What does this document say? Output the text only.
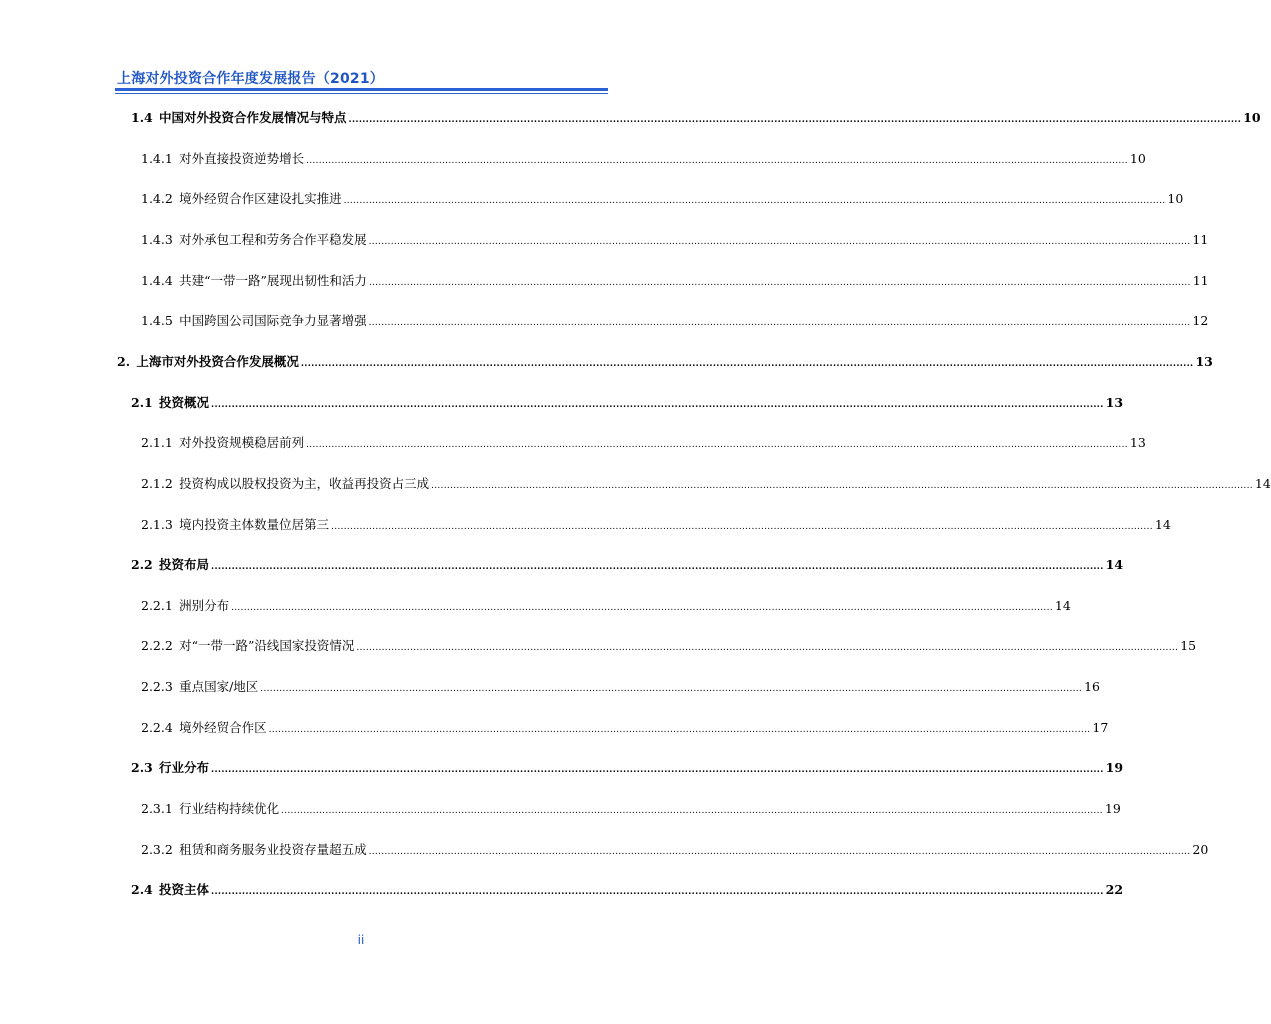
上海对外投资合作年度发展报告（2021）
1.4  中国对外投资合作发展情况与特点 .................................................................................................................................................................................................................................................................... 10
1.4.1  对外直接投资逆势增长 .................................................................................................................................................................................................................................................................... 10
1.4.2  境外经贸合作区建设扎实推进 .................................................................................................................................................................................................................................................................... 10
1.4.3  对外承包工程和劳务合作平稳发展 .................................................................................................................................................................................................................................................................... 11
1.4.4  共建“一带一路”展现出韧性和活力 .................................................................................................................................................................................................................................................................... 11
1.4.5  中国跨国公司国际竞争力显著增强 .................................................................................................................................................................................................................................................................... 12
2.  上海市对外投资合作发展概况 .................................................................................................................................................................................................................................................................... 13
2.1  投资概况 .................................................................................................................................................................................................................................................................... 13
2.1.1  对外投资规模稳居前列 .................................................................................................................................................................................................................................................................... 13
2.1.2  投资构成以股权投资为主，收益再投资占三成 .................................................................................................................................................................................................................................................................... 14
2.1.3  境内投资主体数量位居第三 .................................................................................................................................................................................................................................................................... 14
2.2  投资布局 .................................................................................................................................................................................................................................................................... 14
2.2.1  洲别分布 .................................................................................................................................................................................................................................................................... 14
2.2.2  对“一带一路”沿线国家投资情况 .................................................................................................................................................................................................................................................................... 15
2.2.3  重点国家/地区 .................................................................................................................................................................................................................................................................... 16
2.2.4  境外经贸合作区 .................................................................................................................................................................................................................................................................... 17
2.3  行业分布 .................................................................................................................................................................................................................................................................... 19
2.3.1  行业结构持续优化 .................................................................................................................................................................................................................................................................... 19
2.3.2  租赁和商务服务业投资存量超五成 .................................................................................................................................................................................................................................................................... 20
2.4  投资主体 .................................................................................................................................................................................................................................................................... 22
ii
